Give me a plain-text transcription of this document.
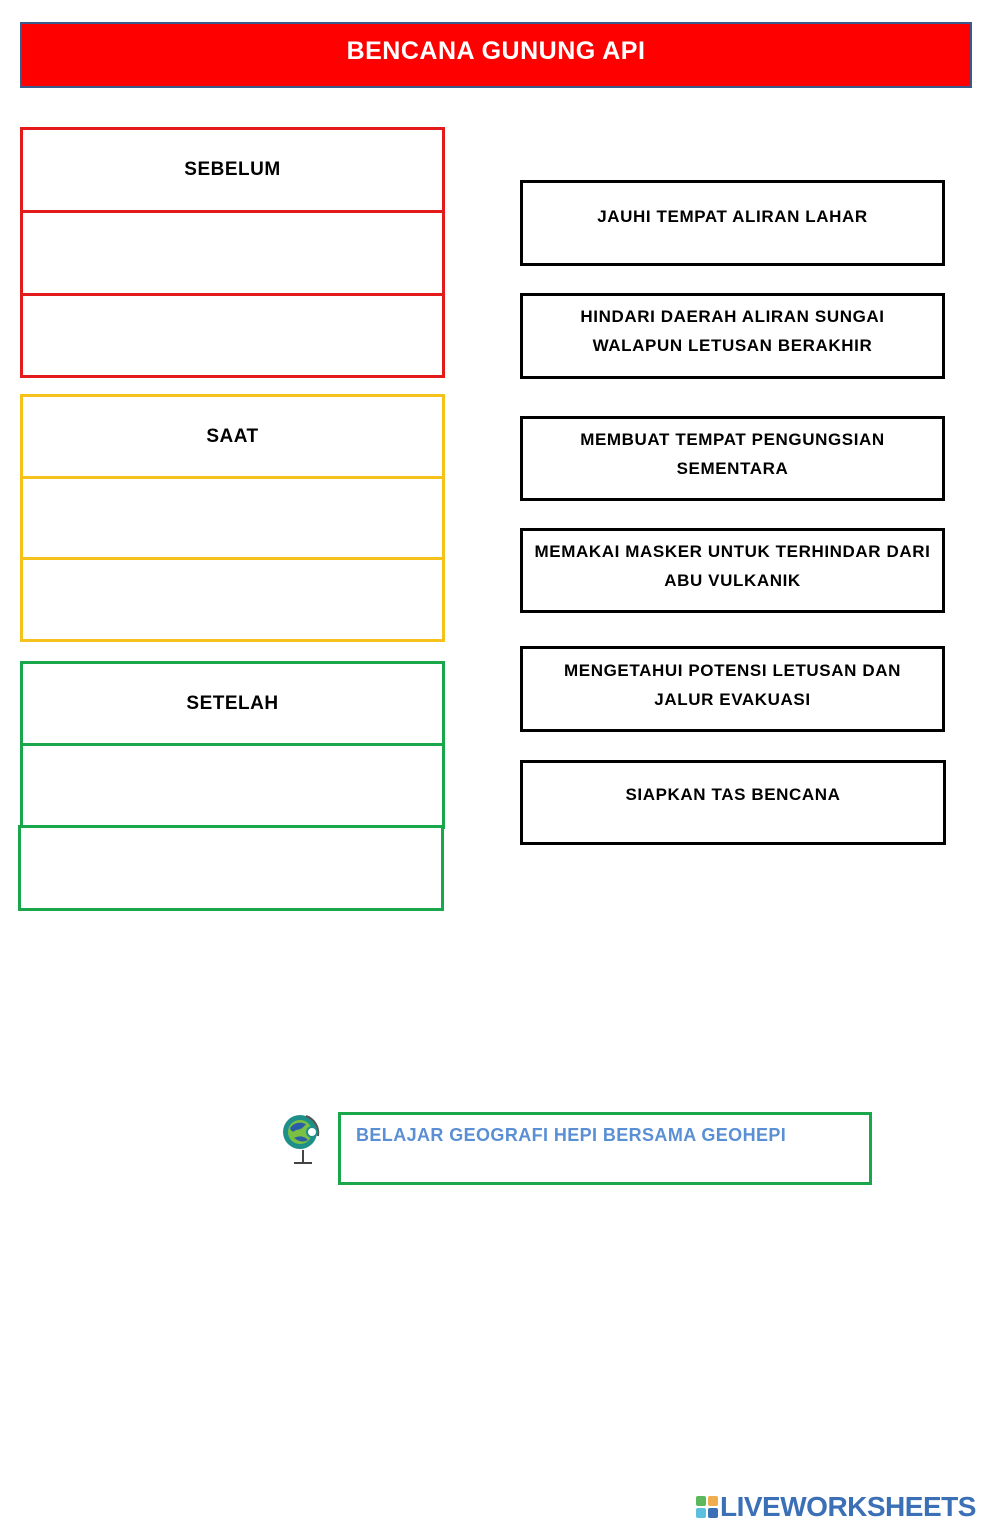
BENCANA GUNUNG API
SEBELUM
SAAT
SETELAH
JAUHI TEMPAT ALIRAN LAHAR
HINDARI DAERAH ALIRAN SUNGAI WALAPUN LETUSAN BERAKHIR
MEMBUAT TEMPAT PENGUNGSIAN SEMENTARA
MEMAKAI MASKER UNTUK TERHINDAR DARI ABU VULKANIK
MENGETAHUI POTENSI LETUSAN DAN JALUR EVAKUASI
SIAPKAN TAS BENCANA
BELAJAR GEOGRAFI HEPI BERSAMA GEOHEPI
LIVEWORKSHEETS
